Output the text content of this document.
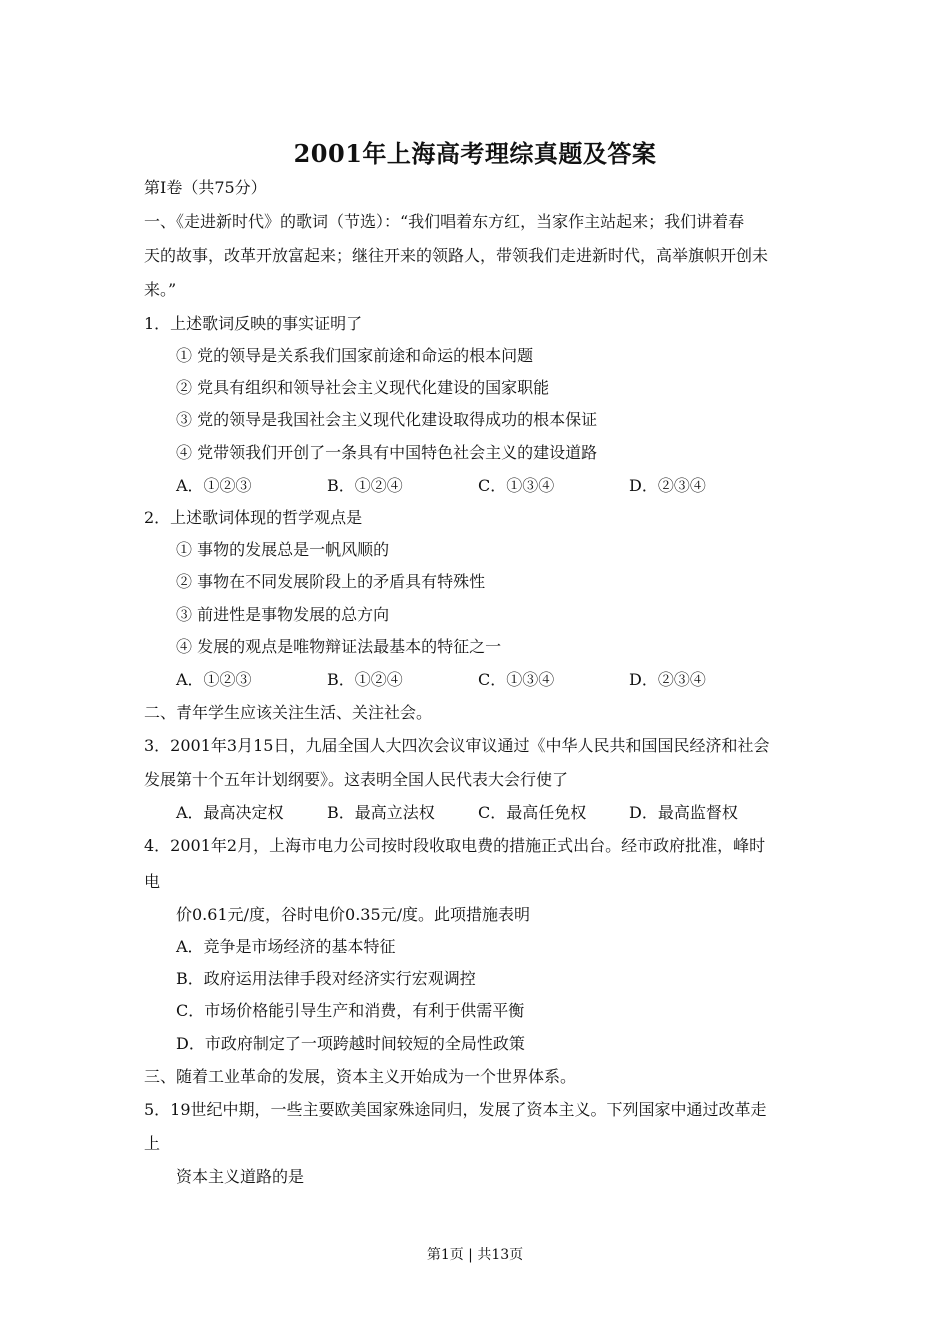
2001年上海高考理综真题及答案
第Ⅰ卷（共75分）
一、《走进新时代》的歌词（节选）：“我们唱着东方红，当家作主站起来；我们讲着春
天的故事，改革开放富起来；继往开来的领路人，带领我们走进新时代，高举旗帜开创未
来。”
1．上述歌词反映的事实证明了
① 党的领导是关系我们国家前途和命运的根本问题
② 党具有组织和领导社会主义现代化建设的国家职能
③ 党的领导是我国社会主义现代化建设取得成功的根本保证
④ 党带领我们开创了一条具有中国特色社会主义的建设道路
A．①②③	B．①②④	C．①③④	D．②③④
2．上述歌词体现的哲学观点是
① 事物的发展总是一帆风顺的
② 事物在不同发展阶段上的矛盾具有特殊性
③ 前进性是事物发展的总方向
④ 发展的观点是唯物辩证法最基本的特征之一
A．①②③	B．①②④	C．①③④	D．②③④
二、青年学生应该关注生活、关注社会。
3．2001年3月15日，九届全国人大四次会议审议通过《中华人民共和国国民经济和社会
发展第十个五年计划纲要》。这表明全国人民代表大会行使了
A．最高决定权	B．最高立法权	C．最高任免权	D．最高监督权
4．2001年2月，上海市电力公司按时段收取电费的措施正式出台。经市政府批准，峰时
电
价0.61元/度，谷时电价0.35元/度。此项措施表明
A．竞争是市场经济的基本特征
B．政府运用法律手段对经济实行宏观调控
C．市场价格能引导生产和消费，有利于供需平衡
D．市政府制定了一项跨越时间较短的全局性政策
三、随着工业革命的发展，资本主义开始成为一个世界体系。
5．19世纪中期，一些主要欧美国家殊途同归，发展了资本主义。下列国家中通过改革走
上
资本主义道路的是
第1页 | 共13页
